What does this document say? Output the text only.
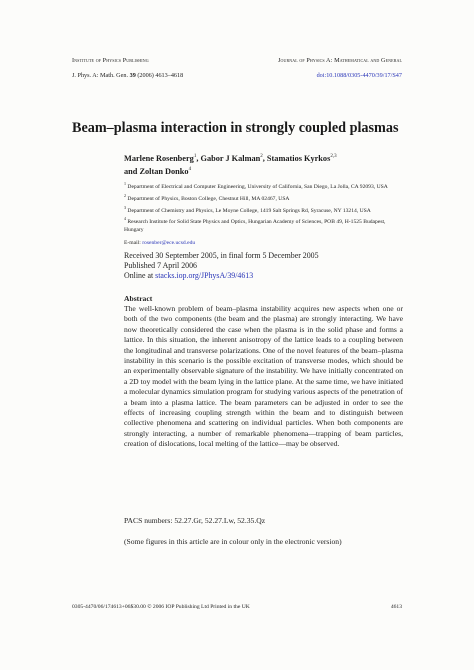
Institute of Physics Publishing	Journal of Physics A: Mathematical and General
J. Phys. A: Math. Gen. 39 (2006) 4613–4618	doi:10.1088/0305-4470/39/17/S47
Beam–plasma interaction in strongly coupled plasmas
Marlene Rosenberg$^1$, Gabor J Kalman$^2$, Stamatios Kyrkos$^{2,3}$
and Zoltan Donko$^4$
$^1$ Department of Electrical and Computer Engineering, University of California, San Diego, La Jolla, CA 92093, USA
$^2$ Department of Physics, Boston College, Chestnut Hill, MA 02467, USA
$^3$ Department of Chemistry and Physics, Le Moyne College, 1419 Salt Springs Rd, Syracuse, NY 13214, USA
$^4$ Research Institute for Solid State Physics and Optics, Hungarian Academy of Sciences, POB 49, H-1525 Budapest, Hungary
E-mail: rosenber@ece.ucsd.edu
Received 30 September 2005, in final form 5 December 2005
Published 7 April 2006
Online at stacks.iop.org/JPhysA/39/4613
Abstract
The well-known problem of beam–plasma instability acquires new aspects when one or both of the two components (the beam and the plasma) are strongly interacting. We have now theoretically considered the case when the plasma is in the solid phase and forms a lattice. In this situation, the inherent anisotropy of the lattice leads to a coupling between the longitudinal and transverse polarizations. One of the novel features of the beam–plasma instability in this scenario is the possible excitation of transverse modes, which should be an experimentally observable signature of the instability. We have initially concentrated on a 2D toy model with the beam lying in the lattice plane. At the same time, we have initiated a molecular dynamics simulation program for studying various aspects of the penetration of a beam into a plasma lattice. The beam parameters can be adjusted in order to see the effects of increasing coupling strength within the beam and to distinguish between collective phenomena and scattering on individual particles. When both components are strongly interacting, a number of remarkable phenomena—trapping of beam particles, creation of dislocations, local melting of the lattice—may be observed.
PACS numbers: 52.27.Gr, 52.27.Lw, 52.35.Qz
(Some figures in this article are in colour only in the electronic version)
0305-4470/06/174613+06$30.00 © 2006 IOP Publishing Ltd Printed in the UK	4613
